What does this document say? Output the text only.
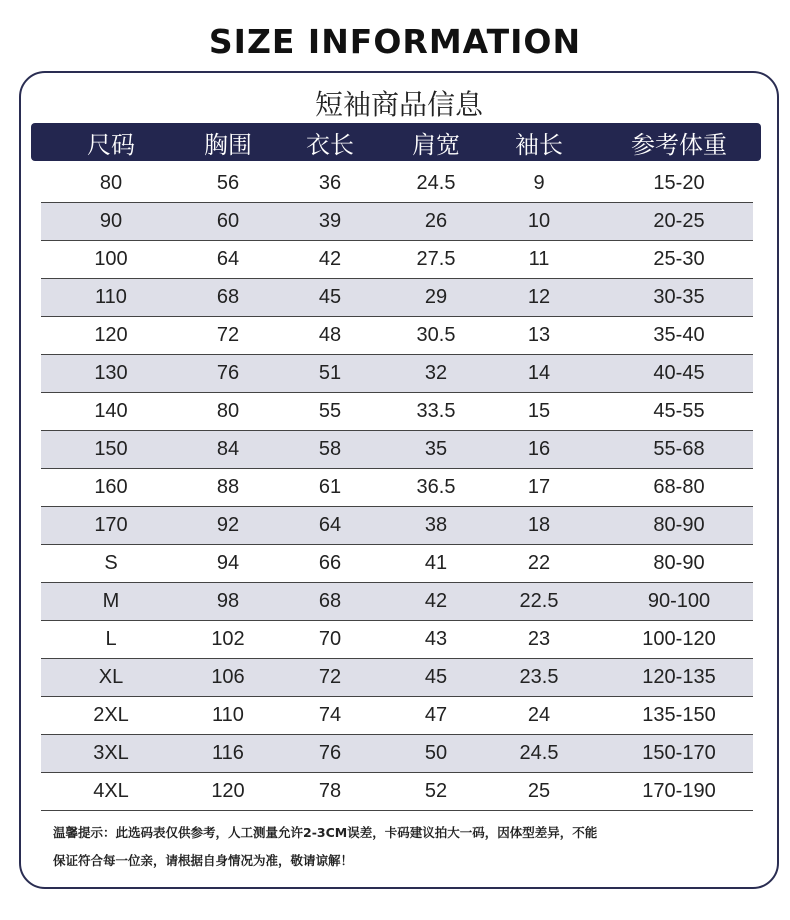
SIZE INFORMATION
短袖商品信息
尺码	胸围	衣长	肩宽	袖长	参考体重
80	56	36	24.5	9	15-20
90	60	39	26	10	20-25
100	64	42	27.5	11	25-30
110	68	45	29	12	30-35
120	72	48	30.5	13	35-40
130	76	51	32	14	40-45
140	80	55	33.5	15	45-55
150	84	58	35	16	55-68
160	88	61	36.5	17	68-80
170	92	64	38	18	80-90
S	94	66	41	22	80-90
M	98	68	42	22.5	90-100
L	102	70	43	23	100-120
XL	106	72	45	23.5	120-135
2XL	110	74	47	24	135-150
3XL	116	76	50	24.5	150-170
4XL	120	78	52	25	170-190
温馨提示：此选码表仅供参考，人工测量允许2-3CM误差，卡码建议拍大一码，因体型差异，不能
保证符合每一位亲，请根据自身情况为准，敬请谅解！
